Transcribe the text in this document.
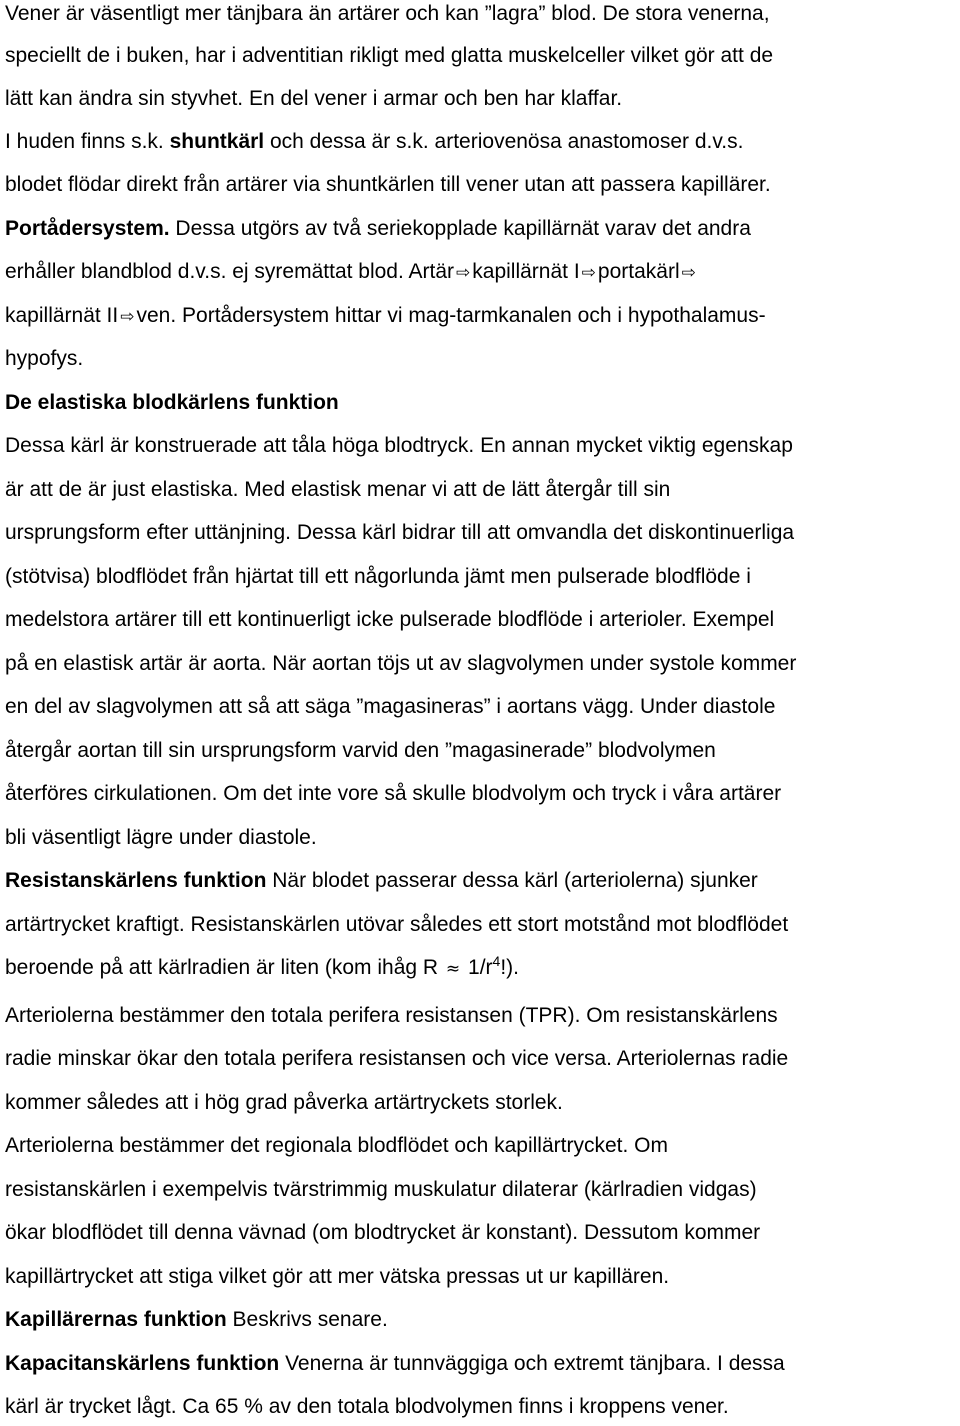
Vener är väsentligt mer tänjbara än artärer och kan ”lagra” blod. De stora venerna,
speciellt de i buken, har i adventitian rikligt med glatta muskelceller vilket gör att de
lätt kan ändra sin styvhet. En del vener i armar och ben har klaffar.
I huden finns s.k. shuntkärl och dessa är s.k. arteriovenösa anastomoser d.v.s.
blodet flödar direkt från artärer via shuntkärlen till vener utan att passera kapillärer.
Portådersystem. Dessa utgörs av två seriekopplade kapillärnät varav det andra
erhåller blandblod d.v.s. ej syremättat blod. Artär ⇨kapillärnät I ⇨portakärl ⇨
kapillärnät II ⇨ven. Portådersystem hittar vi mag-tarmkanalen och i hypothalamus-
hypofys.
De elastiska blodkärlens funktion
Dessa kärl är konstruerade att tåla höga blodtryck. En annan mycket viktig egenskap
är att de är just elastiska. Med elastisk menar vi att de lätt återgår till sin
ursprungsform efter uttänjning. Dessa kärl bidrar till att omvandla det diskontinuerliga
(stötvisa) blodflödet från hjärtat till ett någorlunda jämt men pulserade blodflöde i
medelstora artärer till ett kontinuerligt icke pulserade blodflöde i arterioler. Exempel
på en elastisk artär är aorta. När aortan töjs ut av slagvolymen under systole kommer
en del av slagvolymen att så att säga ”magasineras” i aortans vägg. Under diastole
återgår aortan till sin ursprungsform varvid den ”magasinerade” blodvolymen
återföres cirkulationen. Om det inte vore så skulle blodvolym och tryck i våra artärer
bli väsentligt lägre under diastole.
Resistanskärlens funktion När blodet passerar dessa kärl (arteriolerna) sjunker
artärtrycket kraftigt. Resistanskärlen utövar således ett stort motstånd mot blodflödet
beroende på att kärlradien är liten (kom ihåg $R \approx 1/r^4$!).
Arteriolerna bestämmer den totala perifera resistansen (TPR). Om resistanskärlens
radie minskar ökar den totala perifera resistansen och vice versa. Arteriolernas radie
kommer således att i hög grad påverka artärtryckets storlek.
Arteriolerna bestämmer det regionala blodflödet och kapillärtrycket. Om
resistanskärlen i exempelvis tvärstrimmig muskulatur dilaterar (kärlradien vidgas)
ökar blodflödet till denna vävnad (om blodtrycket är konstant). Dessutom kommer
kapillärtrycket att stiga vilket gör att mer vätska pressas ut ur kapillären.
Kapillärernas funktion Beskrivs senare.
Kapacitanskärlens funktion Venerna är tunnväggiga och extremt tänjbara. I dessa
kärl är trycket lågt. Ca 65 % av den totala blodvolymen finns i kroppens vener.
